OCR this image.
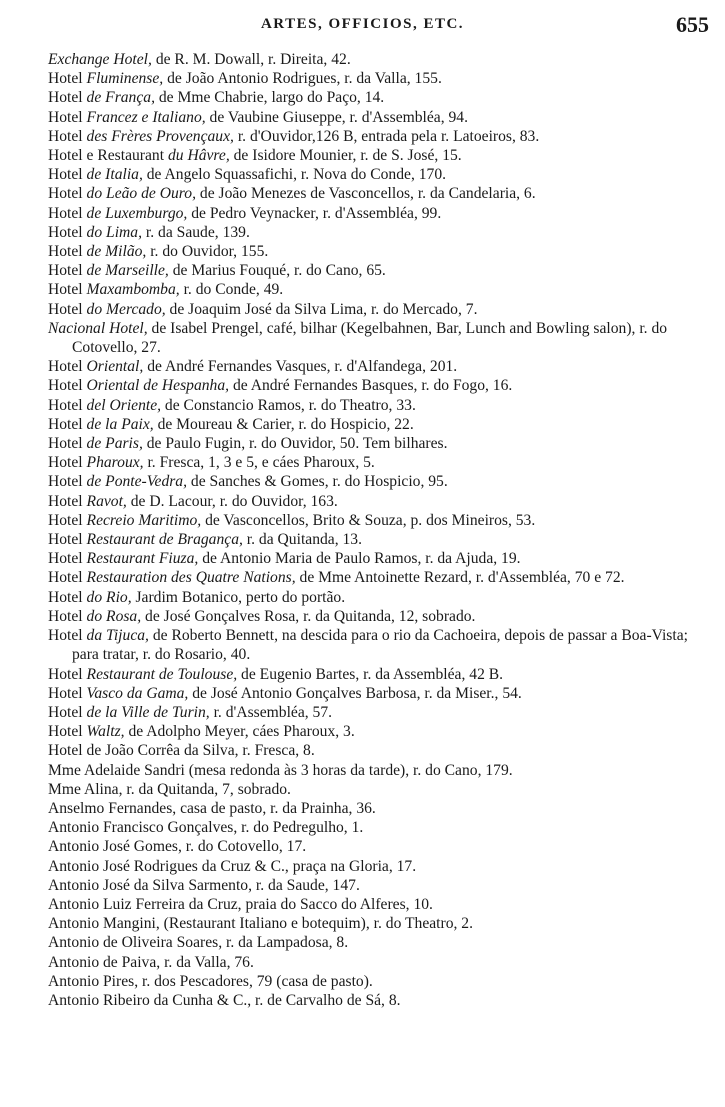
ARTES, OFFICIOS, ETC.	655
Exchange Hotel, de R. M. Dowall, r. Direita, 42.
Hotel Fluminense, de João Antonio Rodrigues, r. da Valla, 155.
Hotel de França, de Mme Chabrie, largo do Paço, 14.
Hotel Francez e Italiano, de Vaubine Giuseppe, r. d'Assembléa, 94.
Hotel des Frères Provençaux, r. d'Ouvidor,126 B, entrada pela r. Latoeiros, 83.
Hotel e Restaurant du Hâvre, de Isidore Mounier, r. de S. José, 15.
Hotel de Italia, de Angelo Squassafichi, r. Nova do Conde, 170.
Hotel do Leão de Ouro, de João Menezes de Vasconcellos, r. da Candelaria, 6.
Hotel de Luxemburgo, de Pedro Veynacker, r. d'Assembléa, 99.
Hotel do Lima, r. da Saude, 139.
Hotel de Milão, r. do Ouvidor, 155.
Hotel de Marseille, de Marius Fouqué, r. do Cano, 65.
Hotel Maxambomba, r. do Conde, 49.
Hotel do Mercado, de Joaquim José da Silva Lima, r. do Mercado, 7.
Nacional Hotel, de Isabel Prengel, café, bilhar (Kegelbahnen, Bar, Lunch and Bowling salon), r. do Cotovello, 27.
Hotel Oriental, de André Fernandes Vasques, r. d'Alfandega, 201.
Hotel Oriental de Hespanha, de André Fernandes Basques, r. do Fogo, 16.
Hotel del Oriente, de Constancio Ramos, r. do Theatro, 33.
Hotel de la Paix, de Moureau & Carier, r. do Hospicio, 22.
Hotel de Paris, de Paulo Fugin, r. do Ouvidor, 50. Tem bilhares.
Hotel Pharoux, r. Fresca, 1, 3 e 5, e cáes Pharoux, 5.
Hotel de Ponte-Vedra, de Sanches & Gomes, r. do Hospicio, 95.
Hotel Ravot, de D. Lacour, r. do Ouvidor, 163.
Hotel Recreio Maritimo, de Vasconcellos, Brito & Souza, p. dos Mineiros, 53.
Hotel Restaurant de Bragança, r. da Quitanda, 13.
Hotel Restaurant Fiuza, de Antonio Maria de Paulo Ramos, r. da Ajuda, 19.
Hotel Restauration des Quatre Nations, de Mme Antoinette Rezard, r. d'Assembléa, 70 e 72.
Hotel do Rio, Jardim Botanico, perto do portão.
Hotel do Rosa, de José Gonçalves Rosa, r. da Quitanda, 12, sobrado.
Hotel da Tijuca, de Roberto Bennett, na descida para o rio da Cachoeira, depois de passar a Boa-Vista; para tratar, r. do Rosario, 40.
Hotel Restaurant de Toulouse, de Eugenio Bartes, r. da Assembléa, 42 B.
Hotel Vasco da Gama, de José Antonio Gonçalves Barbosa, r. da Miser., 54.
Hotel de la Ville de Turin, r. d'Assembléa, 57.
Hotel Waltz, de Adolpho Meyer, cáes Pharoux, 3.
Hotel de João Corrêa da Silva, r. Fresca, 8.
Mme Adelaide Sandri (mesa redonda às 3 horas da tarde), r. do Cano, 179.
Mme Alina, r. da Quitanda, 7, sobrado.
Anselmo Fernandes, casa de pasto, r. da Prainha, 36.
Antonio Francisco Gonçalves, r. do Pedregulho, 1.
Antonio José Gomes, r. do Cotovello, 17.
Antonio José Rodrigues da Cruz & C., praça na Gloria, 17.
Antonio José da Silva Sarmento, r. da Saude, 147.
Antonio Luiz Ferreira da Cruz, praia do Sacco do Alferes, 10.
Antonio Mangini, (Restaurant Italiano e botequim), r. do Theatro, 2.
Antonio de Oliveira Soares, r. da Lampadosa, 8.
Antonio de Paiva, r. da Valla, 76.
Antonio Pires, r. dos Pescadores, 79 (casa de pasto).
Antonio Ribeiro da Cunha & C., r. de Carvalho de Sá, 8.
